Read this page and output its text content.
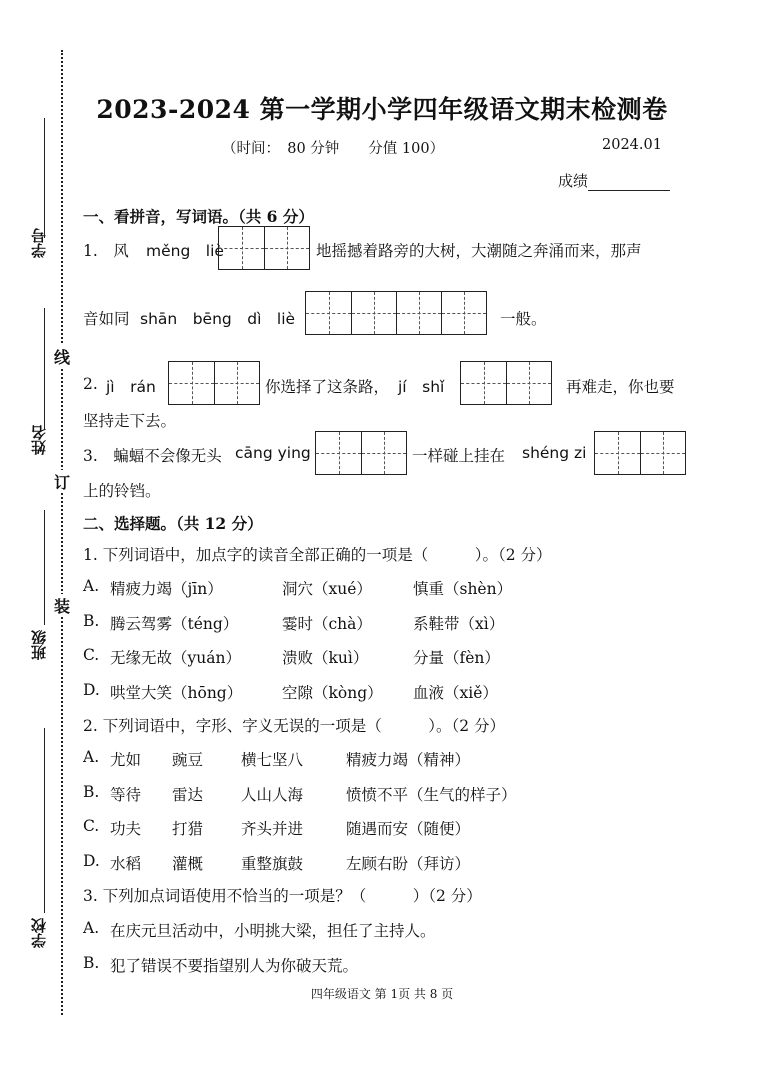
学号
姓名
班级
学校
线
订
装
2023-2024 第一学期小学四年级语文期末检测卷
（时间：　80 分钟　　分值 100）	2024.01
成绩
一、看拼音，写词语。（共 6 分）
1.　风 měng　liè	地摇撼着路旁的大树，大潮随之奔涌而来，那声
音如同 shān　bēng　dì　liè	一般。
2. jì　rán	你选择了这条路， jí　shǐ	再难走，你也要
坚持走下去。
3.　蝙蝠不会像无头 cāng ying	一样碰上挂在 shéng zi
上的铃铛。
二、选择题。（共 12 分）
1. 下列词语中，加点字的读音全部正确的一项是（　　　）。（2 分）
A. 精疲力竭（jīn）	洞穴（xué）	慎重（shèn）
B. 腾云驾雾（téng）	霎时（chà）	系鞋带（xì）
C. 无缘无故（yuán）	溃败（kuì）	分量（fèn）
D. 哄堂大笑（hōng）	空隙（kòng） 血液（xiě）
2. 下列词语中，字形、字义无误的一项是（　　　）。（2 分）
A. 尤如 豌豆 横七坚八	精疲力竭（精神）
B. 等待 雷达 人山人海	愤愤不平（生气的样子）
C. 功夫 打猎 齐头并进	随遇而安（随便）
D. 水稻 灌概 重整旗鼓	左顾右盼（拜访）
3. 下列加点词语使用不恰当的一项是？（　　　）（2 分）
A. 在庆元旦活动中，小明挑大梁，担任了主持人。
B. 犯了错误不要指望别人为你破天荒。
四年级语文 第 1页 共 8 页
